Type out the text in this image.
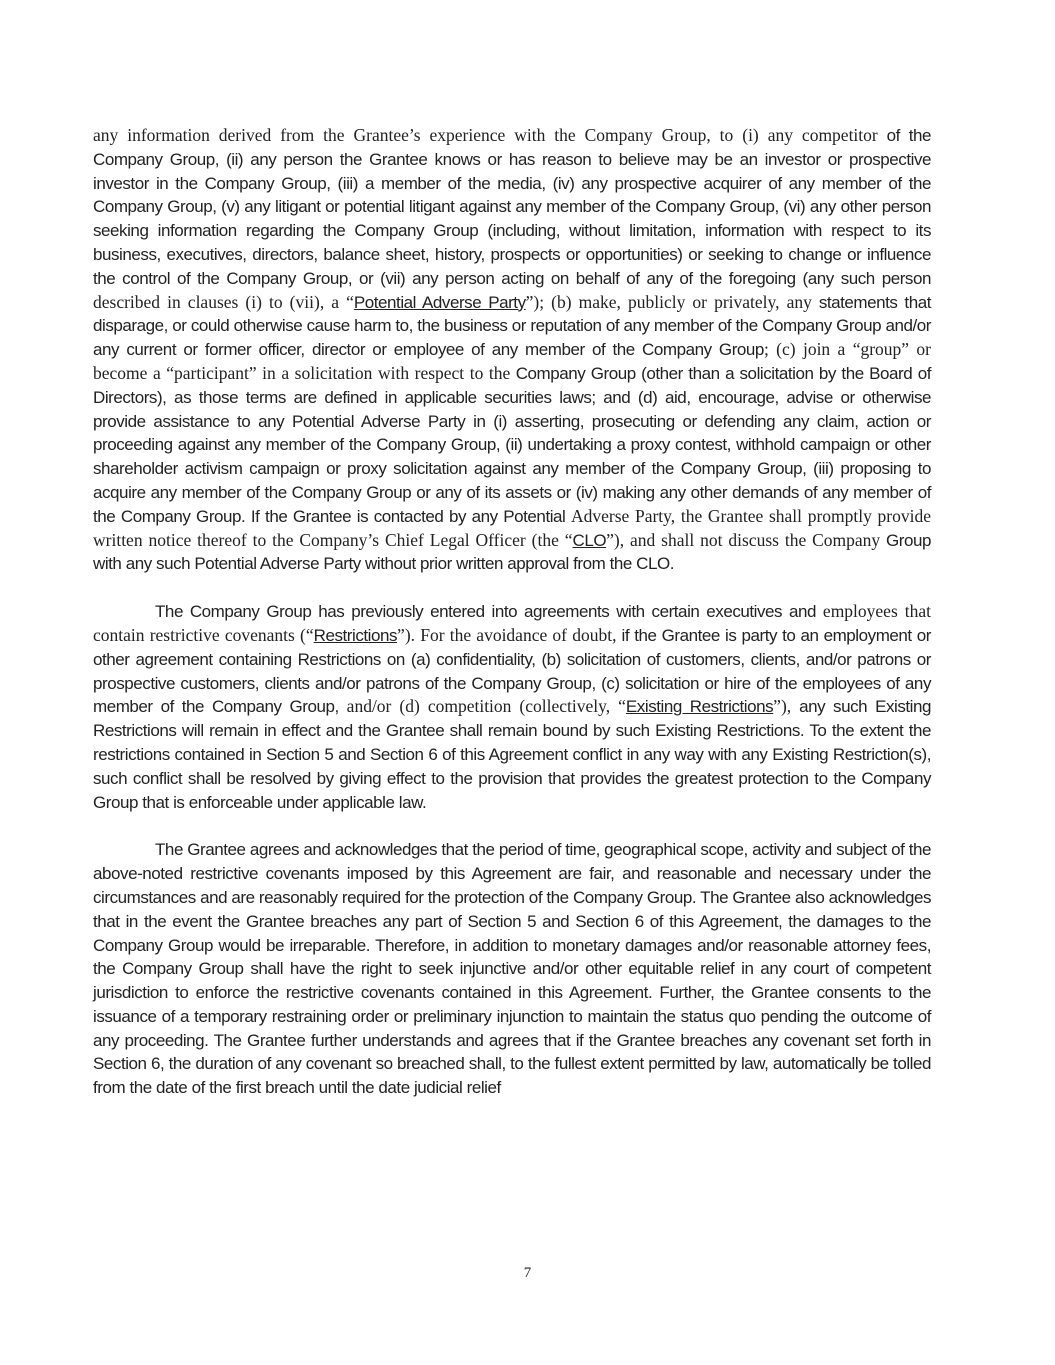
any information derived from the Grantee’s experience with the Company Group, to (i) any competitor of the Company Group, (ii) any person the Grantee knows or has reason to believe may be an investor or prospective investor in the Company Group, (iii) a member of the media, (iv) any prospective acquirer of any member of the Company Group, (v) any litigant or potential litigant against any member of the Company Group, (vi) any other person seeking information regarding the Company Group (including, without limitation, information with respect to its business, executives, directors, balance sheet, history, prospects or opportunities) or seeking to change or influence the control of the Company Group, or (vii) any person acting on behalf of any of the foregoing (any such person described in clauses (i) to (vii), a “Potential Adverse Party”); (b) make, publicly or privately, any statements that disparage, or could otherwise cause harm to, the business or reputation of any member of the Company Group and/or any current or former officer, director or employee of any member of the Company Group; (c) join a “group” or become a “participant” in a solicitation with respect to the Company Group (other than a solicitation by the Board of Directors), as those terms are defined in applicable securities laws; and (d) aid, encourage, advise or otherwise provide assistance to any Potential Adverse Party in (i) asserting, prosecuting or defending any claim, action or proceeding against any member of the Company Group, (ii) undertaking a proxy contest, withhold campaign or other shareholder activism campaign or proxy solicitation against any member of the Company Group, (iii) proposing to acquire any member of the Company Group or any of its assets or (iv) making any other demands of any member of the Company Group. If the Grantee is contacted by any Potential Adverse Party, the Grantee shall promptly provide written notice thereof to the Company’s Chief Legal Officer (the “CLO”), and shall not discuss the Company Group with any such Potential Adverse Party without prior written approval from the CLO.

The Company Group has previously entered into agreements with certain executives and employees that contain restrictive covenants (“Restrictions”). For the avoidance of doubt, if the Grantee is party to an employment or other agreement containing Restrictions on (a) confidentiality, (b) solicitation of customers, clients, and/or patrons or prospective customers, clients and/or patrons of the Company Group, (c) solicitation or hire of the employees of any member of the Company Group, and/or (d) competition (collectively, “Existing Restrictions”), any such Existing Restrictions will remain in effect and the Grantee shall remain bound by such Existing Restrictions. To the extent the restrictions contained in Section 5 and Section 6 of this Agreement conflict in any way with any Existing Restriction(s), such conflict shall be resolved by giving effect to the provision that provides the greatest protection to the Company Group that is enforceable under applicable law.

The Grantee agrees and acknowledges that the period of time, geographical scope, activity and subject of the above-noted restrictive covenants imposed by this Agreement are fair, and reasonable and necessary under the circumstances and are reasonably required for the protection of the Company Group. The Grantee also acknowledges that in the event the Grantee breaches any part of Section 5 and Section 6 of this Agreement, the damages to the Company Group would be irreparable. Therefore, in addition to monetary damages and/or reasonable attorney fees, the Company Group shall have the right to seek injunctive and/or other equitable relief in any court of competent jurisdiction to enforce the restrictive covenants contained in this Agreement. Further, the Grantee consents to the issuance of a temporary restraining order or preliminary injunction to maintain the status quo pending the outcome of any proceeding. The Grantee further understands and agrees that if the Grantee breaches any covenant set forth in Section 6, the duration of any covenant so breached shall, to the fullest extent permitted by law, automatically be tolled from the date of the first breach until the date judicial relief

7
